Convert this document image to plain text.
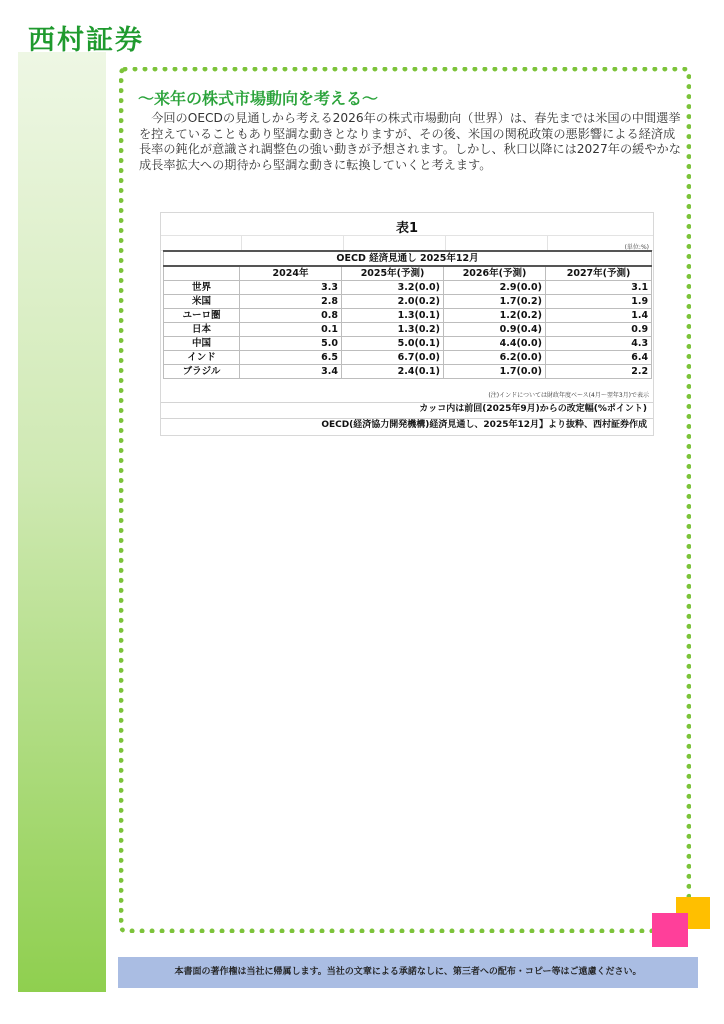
西村証券
～来年の株式市場動向を考える～
今回のOECDの見通しから考える2026年の株式市場動向（世界）は、春先までは米国の中間選挙を控えていることもあり堅調な動きとなりますが、その後、米国の関税政策の悪影響による経済成長率の鈍化が意識され調整色の強い動きが予想されます。しかし、秋口以降には2027年の緩やかな成長率拡大への期待から堅調な動きに転換していくと考えます。
表1
(単位:%)
OECD 経済見通し 2025年12月				
	2024年	2025年(予測)	2026年(予測)	2027年(予測)
世界	3.3	3.2(0.0)	2.9(0.0)	3.1
米国	2.8	2.0(0.2)	1.7(0.2)	1.9
ユーロ圏	0.8	1.3(0.1)	1.2(0.2)	1.4
日本	0.1	1.3(0.2)	0.9(0.4)	0.9
中国	5.0	5.0(0.1)	4.4(0.0)	4.3
インド	6.5	6.7(0.0)	6.2(0.0)	6.4
ブラジル	3.4	2.4(0.1)	1.7(0.0)	2.2
(注)インドについては財政年度ベース(4月〜翌年3月)で表示
カッコ内は前回(2025年9月)からの改定幅(%ポイント)
OECD(経済協力開発機構)経済見通し、2025年12月】より抜粋、西村証券作成
本書面の著作権は当社に帰属します。当社の文章による承諾なしに、第三者への配布・コピー等はご遠慮ください。
